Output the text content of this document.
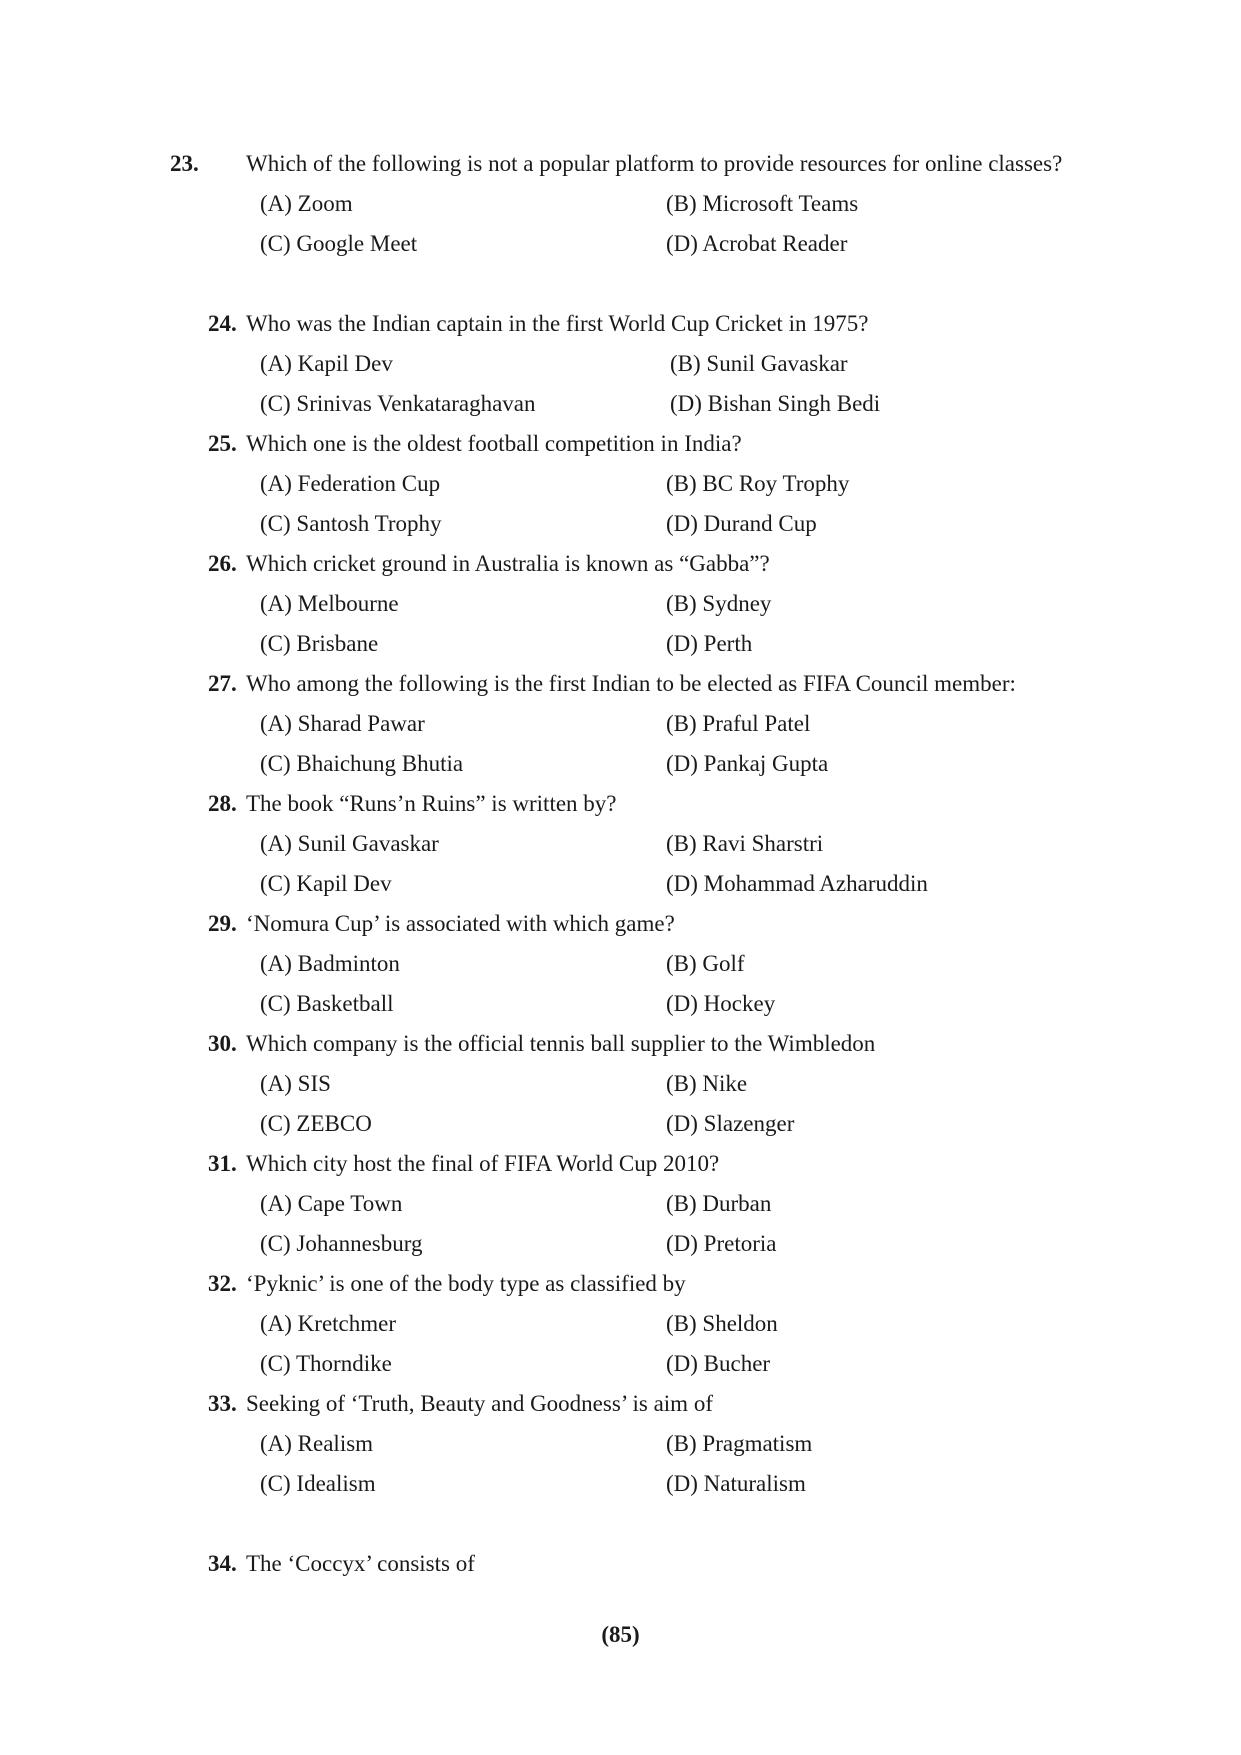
23. Which of the following is not a popular platform to provide resources for online classes?
(A) Zoom	(B) Microsoft Teams
(C) Google Meet	(D) Acrobat Reader
24. Who was the Indian captain in the first World Cup Cricket in 1975?
(A) Kapil Dev	(B) Sunil Gavaskar
(C) Srinivas Venkataraghavan	(D) Bishan Singh Bedi
25. Which one is the oldest football competition in India?
(A) Federation Cup	(B) BC Roy Trophy
(C) Santosh Trophy	(D) Durand Cup
26. Which cricket ground in Australia is known as “Gabba”?
(A) Melbourne	(B) Sydney
(C) Brisbane	(D) Perth
27. Who among the following is the first Indian to be elected as FIFA Council member:
(A) Sharad Pawar	(B) Praful Patel
(C) Bhaichung Bhutia	(D) Pankaj Gupta
28. The book “Runs’n Ruins” is written by?
(A) Sunil Gavaskar	(B) Ravi Sharstri
(C) Kapil Dev	(D) Mohammad Azharuddin
29. ‘Nomura Cup’ is associated with which game?
(A) Badminton	(B) Golf
(C) Basketball	(D) Hockey
30. Which company is the official tennis ball supplier to the Wimbledon
(A) SIS	(B) Nike
(C) ZEBCO	(D) Slazenger
31. Which city host the final of FIFA World Cup 2010?
(A) Cape Town	(B) Durban
(C) Johannesburg	(D) Pretoria
32. ‘Pyknic’ is one of the body type as classified by
(A) Kretchmer	(B) Sheldon
(C) Thorndike	(D) Bucher
33. Seeking of ‘Truth, Beauty and Goodness’ is aim of
(A) Realism	(B) Pragmatism
(C) Idealism	(D) Naturalism
34. The ‘Coccyx’ consists of
(85)
